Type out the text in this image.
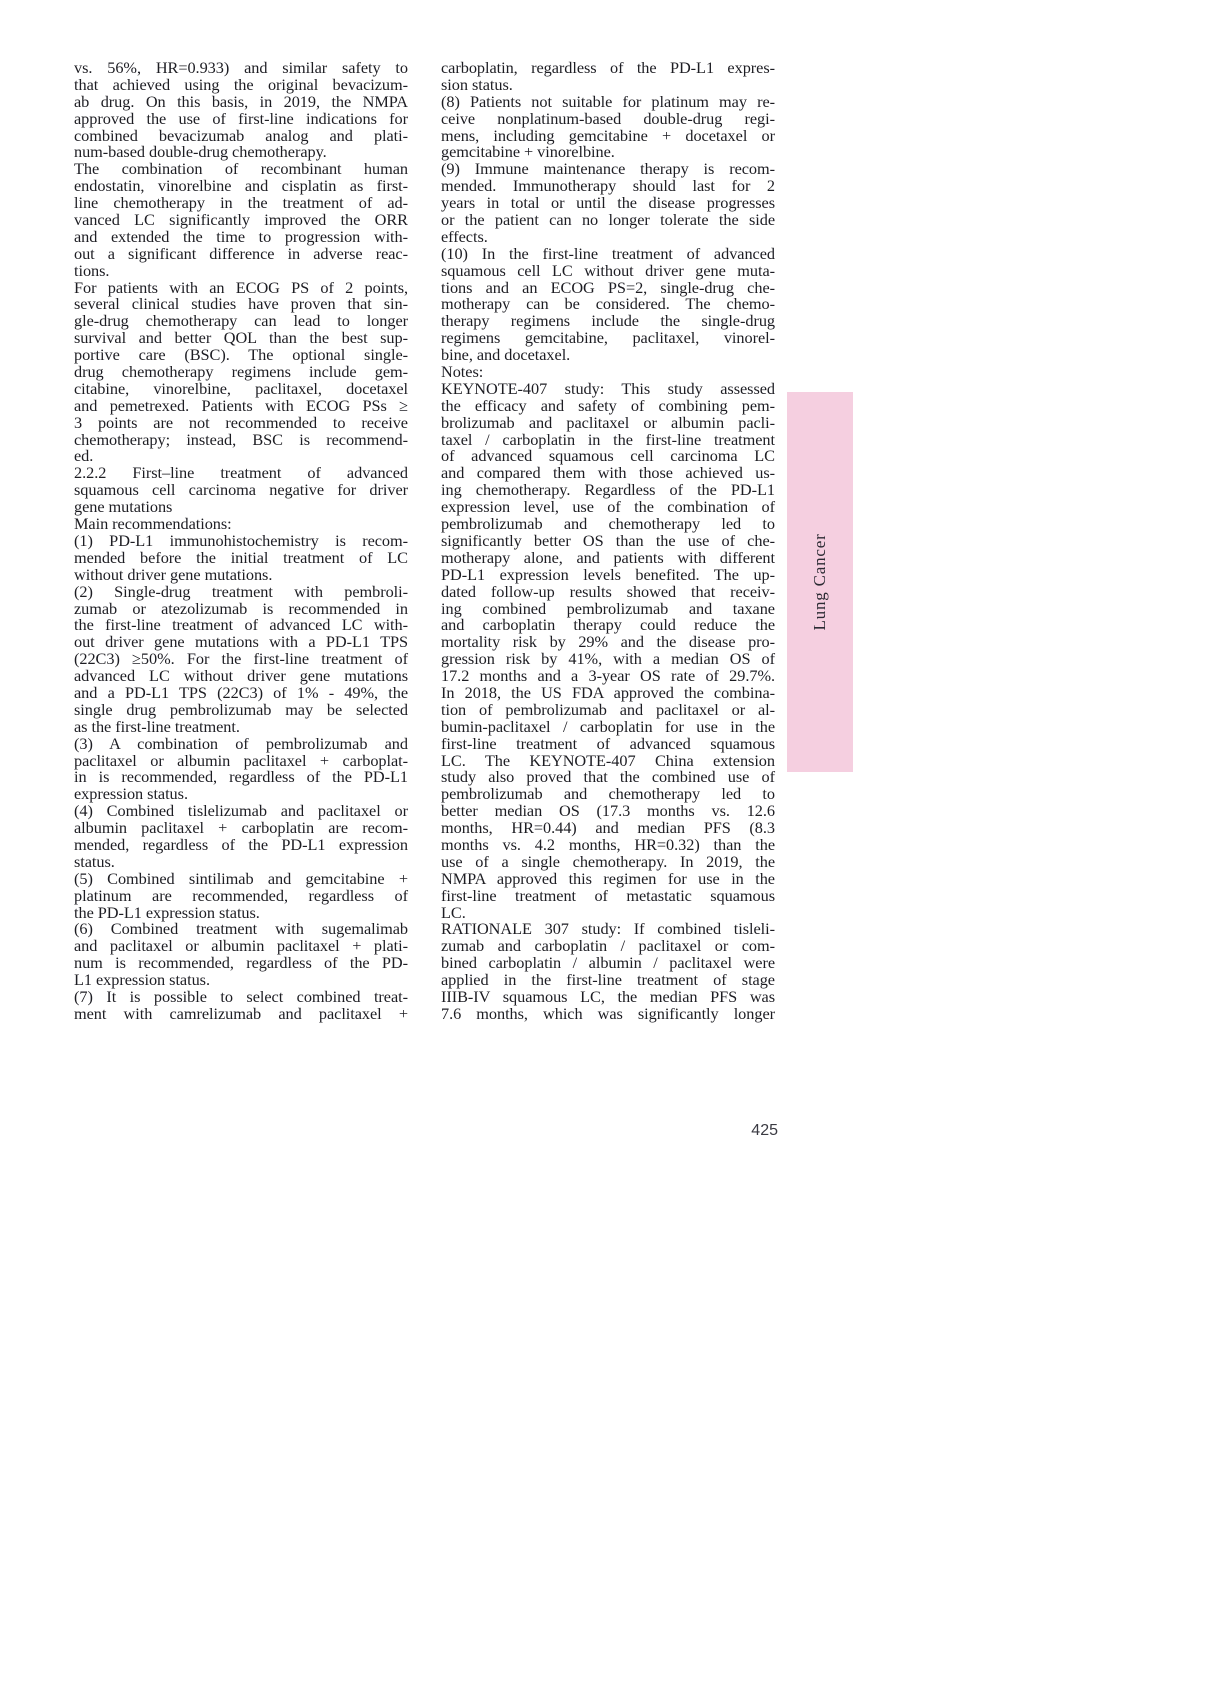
vs. 56%, HR=0.933) and similar safety to
that achieved using the original bevacizum-
ab drug. On this basis, in 2019, the NMPA
approved the use of first-line indications for
combined bevacizumab analog and plati-
num-based double-drug chemotherapy.
The combination of recombinant human
endostatin, vinorelbine and cisplatin as first-
line chemotherapy in the treatment of ad-
vanced LC significantly improved the ORR
and extended the time to progression with-
out a significant difference in adverse reac-
tions.
For patients with an ECOG PS of 2 points,
several clinical studies have proven that sin-
gle-drug chemotherapy can lead to longer
survival and better QOL than the best sup-
portive care (BSC). The optional single-
drug chemotherapy regimens include gem-
citabine, vinorelbine, paclitaxel, docetaxel
and pemetrexed. Patients with ECOG PSs ≥
3 points are not recommended to receive
chemotherapy; instead, BSC is recommend-
ed.
2.2.2 First–line treatment of advanced
squamous cell carcinoma negative for driver
gene mutations
Main recommendations:
(1) PD-L1 immunohistochemistry is recom-
mended before the initial treatment of LC
without driver gene mutations.
(2) Single-drug treatment with pembroli-
zumab or atezolizumab is recommended in
the first-line treatment of advanced LC with-
out driver gene mutations with a PD-L1 TPS
(22C3) ≥50%. For the first-line treatment of
advanced LC without driver gene mutations
and a PD-L1 TPS (22C3) of 1% - 49%, the
single drug pembrolizumab may be selected
as the first-line treatment.
(3) A combination of pembrolizumab and
paclitaxel or albumin paclitaxel + carboplat-
in is recommended, regardless of the PD-L1
expression status.
(4) Combined tislelizumab and paclitaxel or
albumin paclitaxel + carboplatin are recom-
mended, regardless of the PD-L1 expression
status.
(5) Combined sintilimab and gemcitabine +
platinum are recommended, regardless of
the PD-L1 expression status.
(6) Combined treatment with sugemalimab
and paclitaxel or albumin paclitaxel + plati-
num is recommended, regardless of the PD-
L1 expression status.
(7) It is possible to select combined treat-
ment with camrelizumab and paclitaxel +
carboplatin, regardless of the PD-L1 expres-
sion status.
(8) Patients not suitable for platinum may re-
ceive nonplatinum-based double-drug regi-
mens, including gemcitabine + docetaxel or
gemcitabine + vinorelbine.
(9) Immune maintenance therapy is recom-
mended. Immunotherapy should last for 2
years in total or until the disease progresses
or the patient can no longer tolerate the side
effects.
(10) In the first-line treatment of advanced
squamous cell LC without driver gene muta-
tions and an ECOG PS=2, single-drug che-
motherapy can be considered. The chemo-
therapy regimens include the single-drug
regimens gemcitabine, paclitaxel, vinorel-
bine, and docetaxel.
Notes:
KEYNOTE-407 study: This study assessed
the efficacy and safety of combining pem-
brolizumab and paclitaxel or albumin pacli-
taxel / carboplatin in the first-line treatment
of advanced squamous cell carcinoma LC
and compared them with those achieved us-
ing chemotherapy. Regardless of the PD-L1
expression level, use of the combination of
pembrolizumab and chemotherapy led to
significantly better OS than the use of che-
motherapy alone, and patients with different
PD-L1 expression levels benefited. The up-
dated follow-up results showed that receiv-
ing combined pembrolizumab and taxane
and carboplatin therapy could reduce the
mortality risk by 29% and the disease pro-
gression risk by 41%, with a median OS of
17.2 months and a 3-year OS rate of 29.7%.
In 2018, the US FDA approved the combina-
tion of pembrolizumab and paclitaxel or al-
bumin-paclitaxel / carboplatin for use in the
first-line treatment of advanced squamous
LC. The KEYNOTE-407 China extension
study also proved that the combined use of
pembrolizumab and chemotherapy led to
better median OS (17.3 months vs. 12.6
months, HR=0.44) and median PFS (8.3
months vs. 4.2 months, HR=0.32) than the
use of a single chemotherapy. In 2019, the
NMPA approved this regimen for use in the
first-line treatment of metastatic squamous
LC.
RATIONALE 307 study: If combined tisleli-
zumab and carboplatin / paclitaxel or com-
bined carboplatin / albumin / paclitaxel were
applied in the first-line treatment of stage
IIIB-IV squamous LC, the median PFS was
7.6 months, which was significantly longer
Lung Cancer
425
